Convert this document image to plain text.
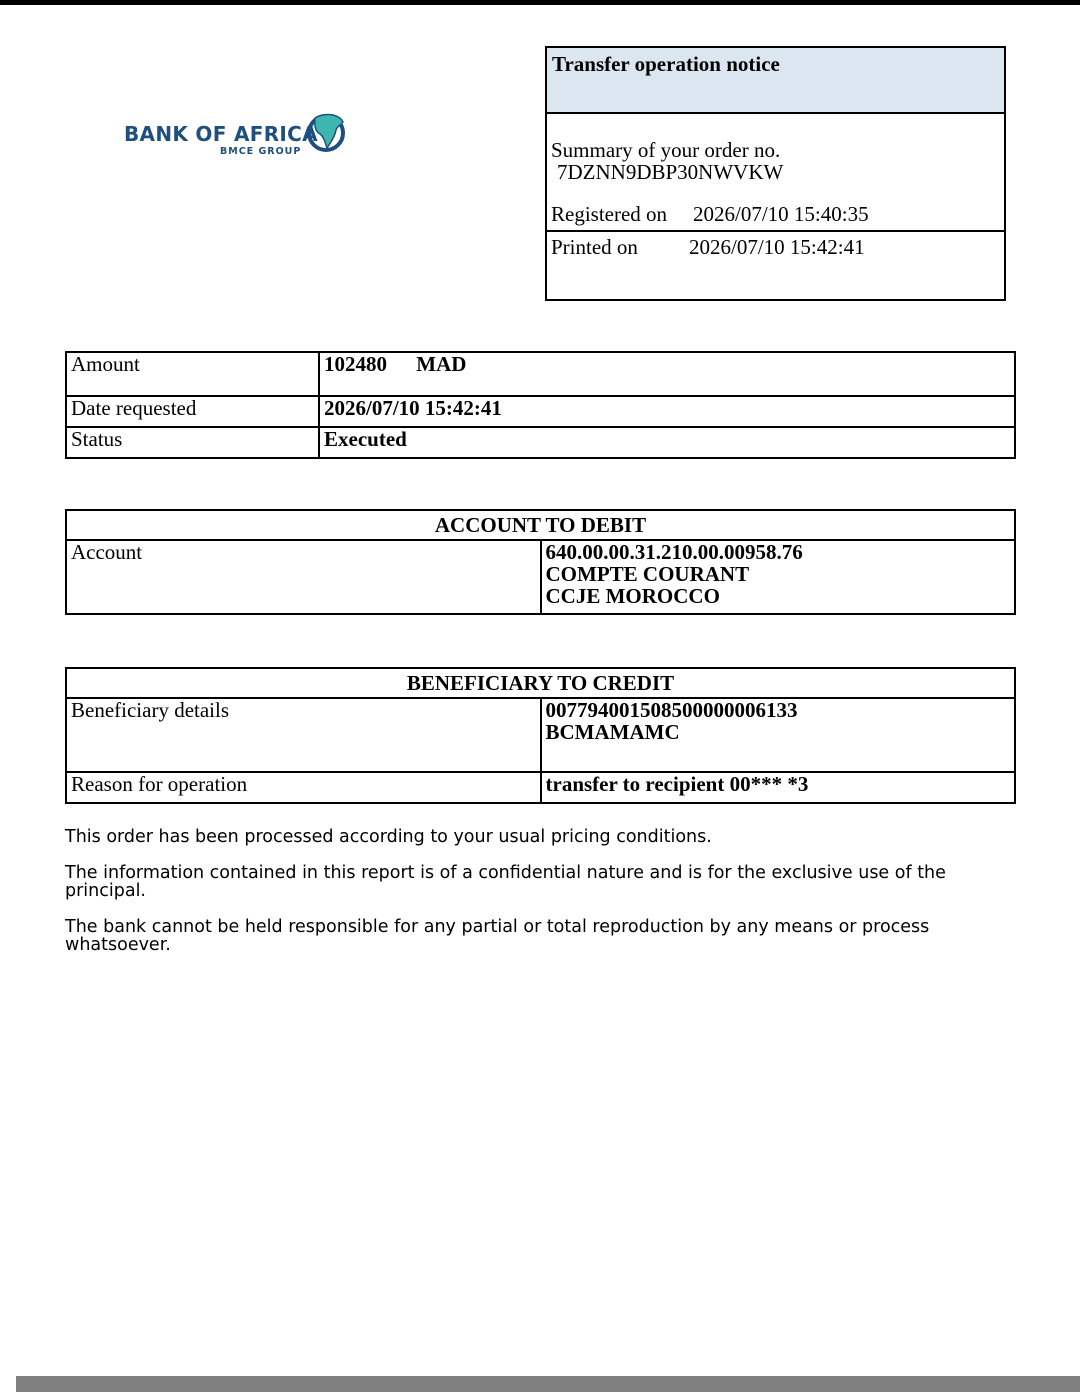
BANK OF AFRICA
BMCE GROUP
Transfer operation notice
Summary of your order no.
7DZNN9DBP30NWVKW
Registered on 2026/07/10 15:40:35
Printed on 2026/07/10 15:42:41
Amount	102480 MAD
Date requested	2026/07/10 15:42:41
Status	Executed
ACCOUNT TO DEBIT
Account	640.00.00.31.210.00.00958.76
COMPTE COURANT
CCJE MOROCCO
BENEFICIARY TO CREDIT	
Beneficiary details	007794001508500000006133
BCMAMAMC

Reason for operation	transfer to recipient 00*** *3

This order has been processed according to your usual pricing conditions.

The information contained in this report is of a confidential nature and is for the exclusive use of the principal.

The bank cannot be held responsible for any partial or total reproduction by any means or process whatsoever.
